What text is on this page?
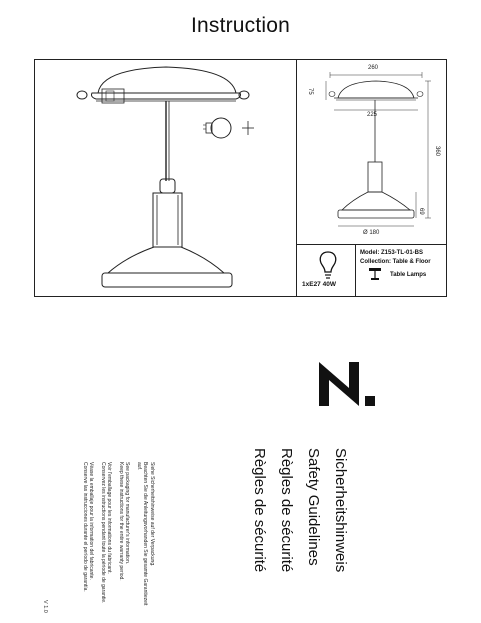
Instruction
260
225
75
360
69
Ø 180
1xE27 40W
Model: Z153-TL-01-BS
Collection: Table & Floor
Table Lamps
Sicherheitshinweis
Safety Guidelines
Règles de sécurité
Règles de sécurité
Siehe Sicherheitshinweise auf der Verpackung.
Beachten Sie die Anleitungsvorhanden Sie gesamte Garantiezeit
auf.
See packaging for manufacturer's information.
Keep these instructions for the entire warranty period.
Voir l'emballage pour les informations du fabricant.
Conservez les instructions pendant toute la période de garantie.
Véase la emballaje pour la information del fabricante.
Conserve las instrucciones durante el período de garantía.
V 1.0
